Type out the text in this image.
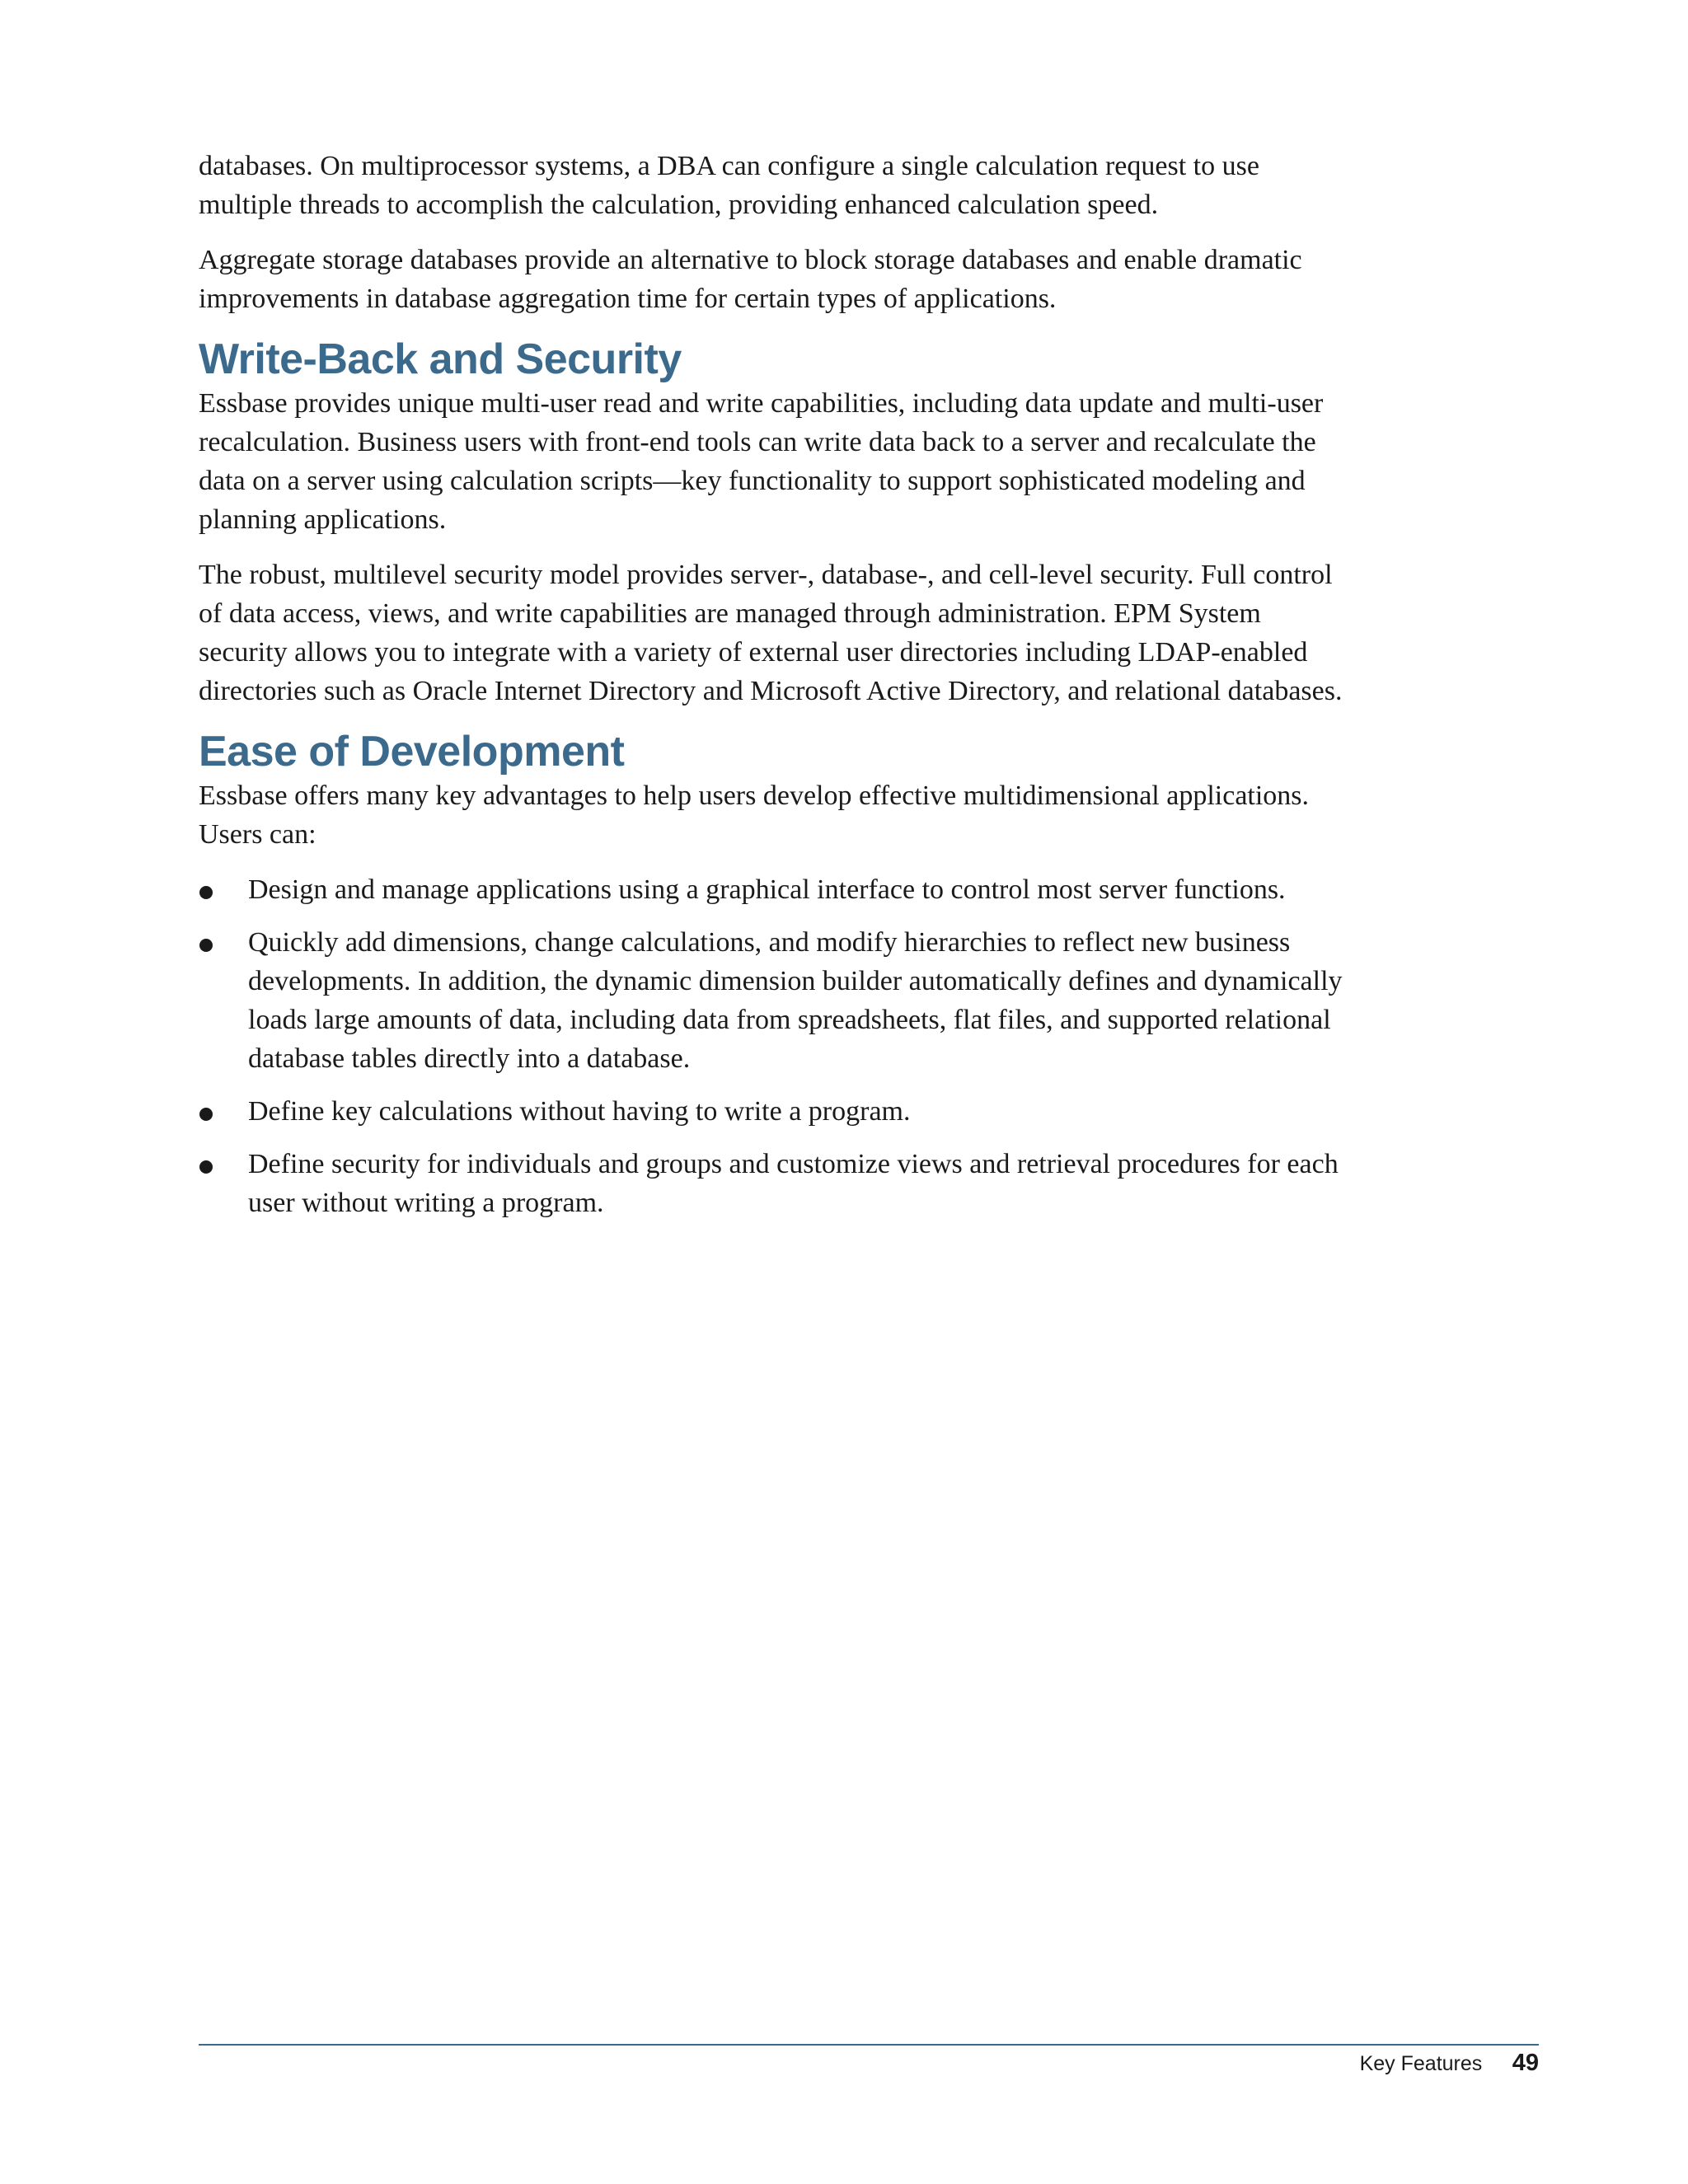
databases. On multiprocessor systems, a DBA can configure a single calculation request to use multiple threads to accomplish the calculation, providing enhanced calculation speed.

Aggregate storage databases provide an alternative to block storage databases and enable dramatic improvements in database aggregation time for certain types of applications.

Write-Back and Security

Essbase provides unique multi-user read and write capabilities, including data update and multi-user recalculation. Business users with front-end tools can write data back to a server and recalculate the data on a server using calculation scripts—key functionality to support sophisticated modeling and planning applications.

The robust, multilevel security model provides server-, database-, and cell-level security. Full control of data access, views, and write capabilities are managed through administration. EPM System security allows you to integrate with a variety of external user directories including LDAP-enabled directories such as Oracle Internet Directory and Microsoft Active Directory, and relational databases.

Ease of Development

Essbase offers many key advantages to help users develop effective multidimensional applications. Users can:

Design and manage applications using a graphical interface to control most server functions.
Quickly add dimensions, change calculations, and modify hierarchies to reflect new business developments. In addition, the dynamic dimension builder automatically defines and dynamically loads large amounts of data, including data from spreadsheets, flat files, and supported relational database tables directly into a database.
Define key calculations without having to write a program.
Define security for individuals and groups and customize views and retrieval procedures for each user without writing a program.
Key Features 49
